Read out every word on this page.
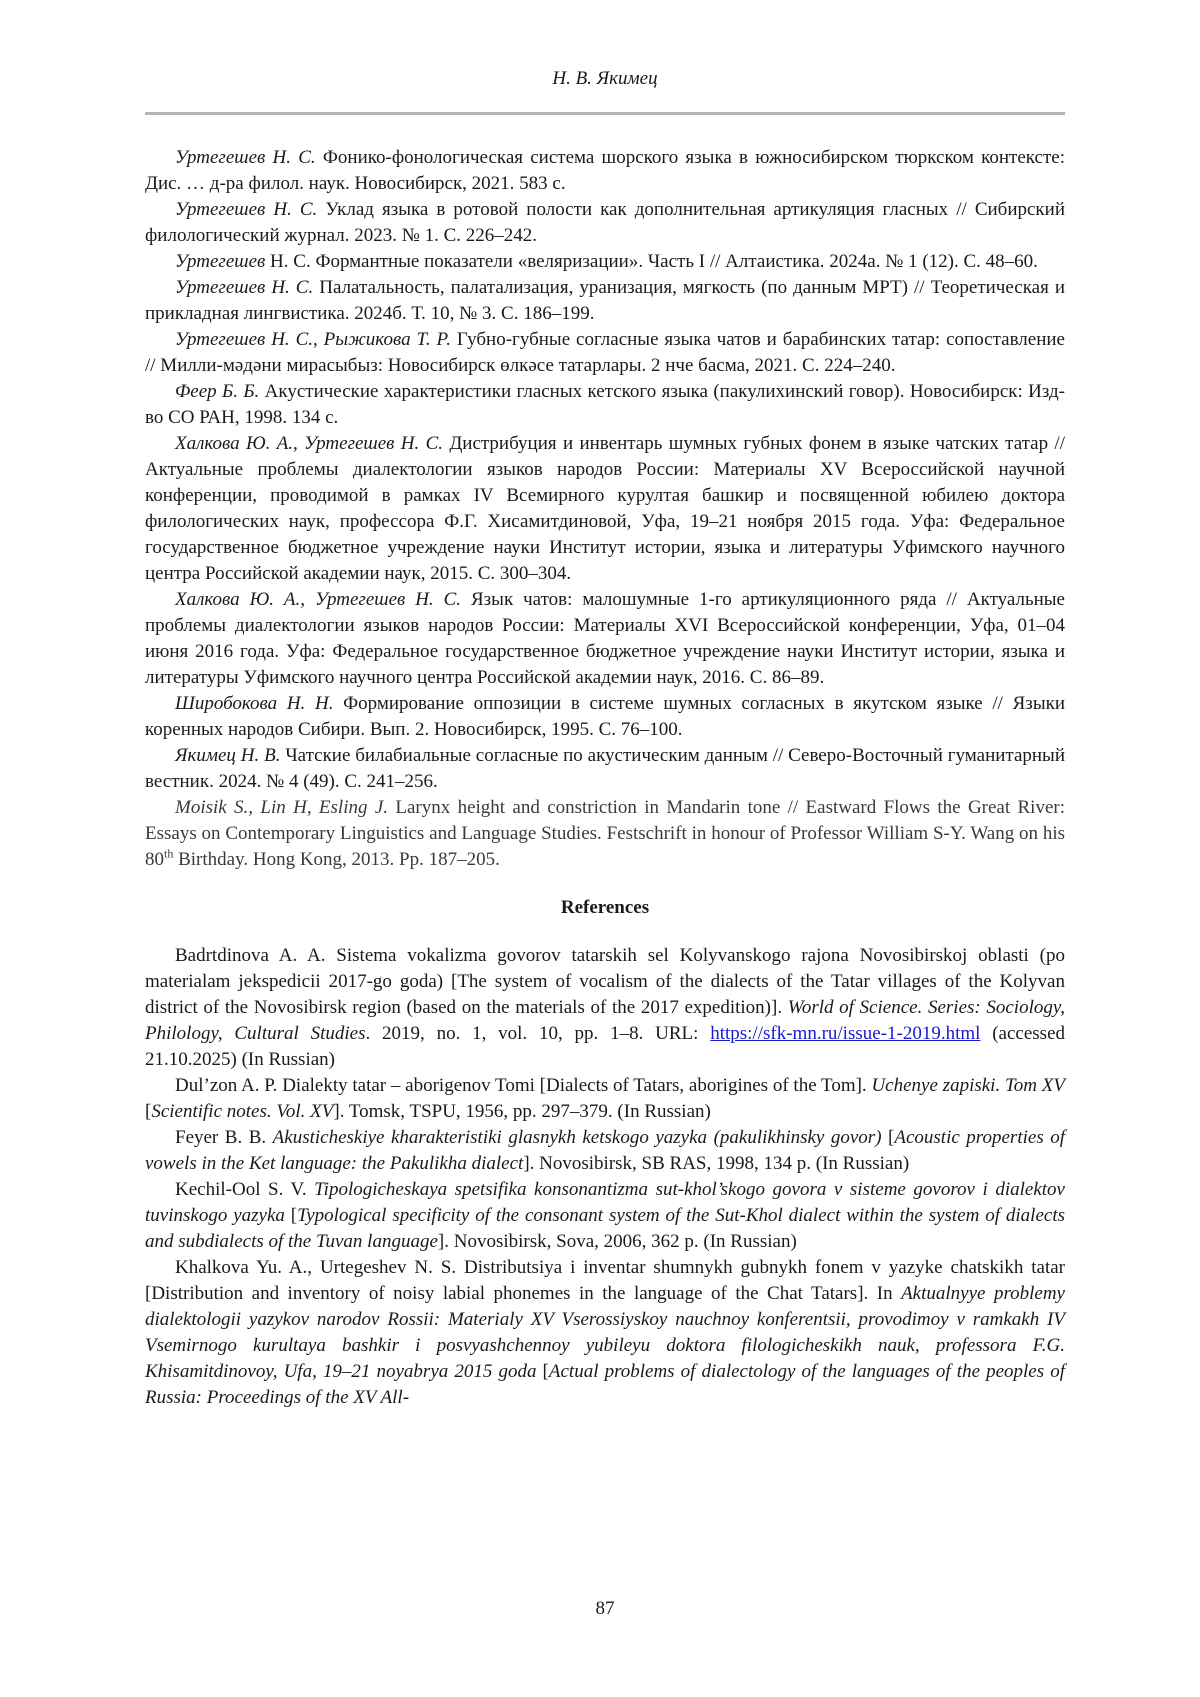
Н. В. Якимец

Уртегешев Н. С. Фонико-фонологическая система шорского языка в южносибирском тюркском контексте: Дис. … д-ра филол. наук. Новосибирск, 2021. 583 с.

Уртегешев Н. С. Уклад языка в ротовой полости как дополнительная артикуляция гласных // Сибирский филологический журнал. 2023. № 1. С. 226–242.

Уртегешев Н. С. Формантные показатели «веляризации». Часть I // Алтаистика. 2024а. № 1 (12). С. 48–60.

Уртегешев Н. С. Палатальность, палатализация, уранизация, мягкость (по данным МРТ) // Теоретическая и прикладная лингвистика. 2024б. Т. 10, № 3. С. 186–199.

Уртегешев Н. С., Рыжикова Т. Р. Губно-губные согласные языка чатов и барабинских татар: сопоставление // Милли-мәдәни мирасыбыз: Новосибирск өлкәсе татарлары. 2 нче басма, 2021. С. 224–240.

Феер Б. Б. Акустические характеристики гласных кетского языка (пакулихинский говор). Новосибирск: Изд-во СО РАН, 1998. 134 с.

Халкова Ю. А., Уртегешев Н. С. Дистрибуция и инвентарь шумных губных фонем в языке чатских татар // Актуальные проблемы диалектологии языков народов России: Материалы XV Всероссийской научной конференции, проводимой в рамках IV Всемирного курултая башкир и посвященной юбилею доктора филологических наук, профессора Ф.Г. Хисамитдиновой, Уфа, 19–21 ноября 2015 года. Уфа: Федеральное государственное бюджетное учреждение науки Институт истории, языка и литературы Уфимского научного центра Российской академии наук, 2015. С. 300–304.

Халкова Ю. А., Уртегешев Н. С. Язык чатов: малошумные 1-го артикуляционного ряда // Актуальные проблемы диалектологии языков народов России: Материалы XVI Всероссийской конференции, Уфа, 01–04 июня 2016 года. Уфа: Федеральное государственное бюджетное учреждение науки Институт истории, языка и литературы Уфимского научного центра Российской академии наук, 2016. С. 86–89.

Широбокова Н. Н. Формирование оппозиции в системе шумных согласных в якутском языке // Языки коренных народов Сибири. Вып. 2. Новосибирск, 1995. С. 76–100.

Якимец Н. В. Чатские билабиальные согласные по акустическим данным // Северо-Восточный гуманитарный вестник. 2024. № 4 (49). С. 241–256.

Moisik S., Lin H, Esling J. Larynx height and constriction in Mandarin tone // Eastward Flows the Great River: Essays on Contemporary Linguistics and Language Studies. Festschrift in honour of Professor William S-Y. Wang on his 80th Birthday. Hong Kong, 2013. Pp. 187–205.

References

Badrtdinova A. A. Sistema vokalizma govorov tatarskih sel Kolyvanskogo rajona Novosibirskoj oblasti (po materialam jekspedicii 2017-go goda) [The system of vocalism of the dialects of the Tatar villages of the Kolyvan district of the Novosibirsk region (based on the materials of the 2017 expedition)]. World of Science. Series: Sociology, Philology, Cultural Studies. 2019, no. 1, vol. 10, pp. 1–8. URL: https://sfk-mn.ru/issue-1-2019.html (accessed 21.10.2025) (In Russian)

Dul’zon A. P. Dialekty tatar – aborigenov Tomi [Dialects of Tatars, aborigines of the Tom]. Uchenye zapiski. Tom XV [Scientific notes. Vol. XV]. Tomsk, TSPU, 1956, pp. 297–379. (In Russian)

Feyer B. B. Akusticheskiye kharakteristiki glasnykh ketskogo yazyka (pakulikhinsky govor) [Acoustic properties of vowels in the Ket language: the Pakulikha dialect]. Novosibirsk, SB RAS, 1998, 134 p. (In Russian)

Kechil-Ool S. V. Tipologicheskaya spetsifika konsonantizma sut-khol’skogo govora v sisteme govorov i dialektov tuvinskogo yazyka [Typological specificity of the consonant system of the Sut-Khol dialect within the system of dialects and subdialects of the Tuvan language]. Novosibirsk, Sova, 2006, 362 p. (In Russian)

Khalkova Yu. A., Urtegeshev N. S. Distributsiya i inventar shumnykh gubnykh fonem v yazyke chatskikh tatar [Distribution and inventory of noisy labial phonemes in the language of the Chat Tatars]. In Aktualnyye problemy dialektologii yazykov narodov Rossii: Materialy XV Vserossiyskoy nauchnoy konferentsii, provodimoy v ramkakh IV Vsemirnogo kurultaya bashkir i posvyashchennoy yubileyu doktora filologicheskikh nauk, professora F.G. Khisamitdinovoy, Ufa, 19–21 noyabrya 2015 goda [Actual problems of dialectology of the languages of the peoples of Russia: Proceedings of the XV All-

87
